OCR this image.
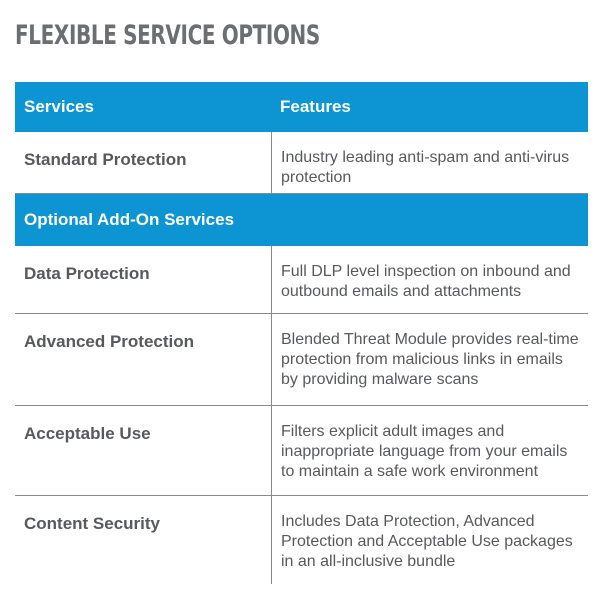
FLEXIBLE SERVICE OPTIONS
Services	Features
Standard Protection	Industry leading anti-spam and anti-virus protection
Optional Add-On Services
Data Protection	Full DLP level inspection on inbound and outbound emails and attachments
Advanced Protection	Blended Threat Module provides real-time protection from malicious links in emails by providing malware scans
Acceptable Use	Filters explicit adult images and inappropriate language from your emails to maintain a safe work environment
Content Security	Includes Data Protection, Advanced Protection and Acceptable Use packages in an all-inclusive bundle
